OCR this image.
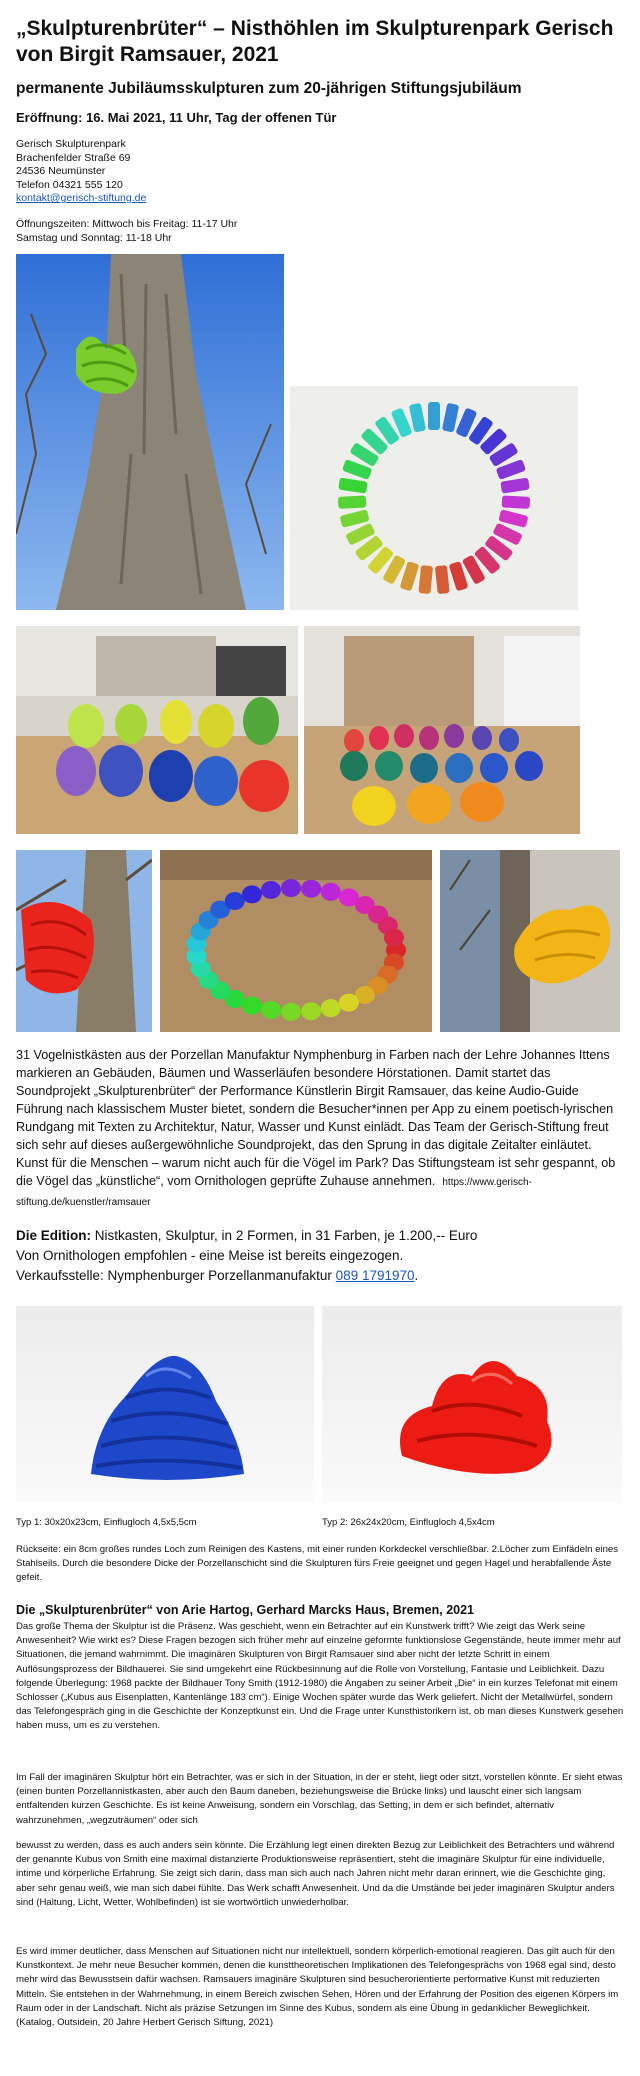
„Skulpturenbrüter“ – Nisthöhlen im Skulpturenpark Gerisch von Birgit Ramsauer, 2021
permanente Jubiläumsskulpturen zum 20-jährigen Stiftungsjubiläum
Eröffnung: 16. Mai 2021, 11 Uhr, Tag der offenen Tür
Gerisch Skulpturenpark
Brachenfelder Straße 69
24536 Neumünster
Telefon 04321 555 120
kontakt@gerisch-stiftung.de
Öffnungszeiten: Mittwoch bis Freitag: 11-17 Uhr
Samstag und Sonntag: 11-18 Uhr
31 Vogelnistkästen aus der Porzellan Manufaktur Nymphenburg in Farben nach der Lehre Johannes Ittens markieren an Gebäuden, Bäumen und Wasserläufen besondere Hörstationen. Damit startet das Soundprojekt „Skulpturenbrüter“ der Performance Künstlerin Birgit Ramsauer, das keine Audio-Guide Führung nach klassischem Muster bietet, sondern die Besucher*innen per App zu einem poetisch-lyrischen Rundgang mit Texten zu Architektur, Natur, Wasser und Kunst einlädt. Das Team der Gerisch-Stiftung freut sich sehr auf dieses außergewöhnliche Soundprojekt, das den Sprung in das digitale Zeitalter einläutet. Kunst für die Menschen – warum nicht auch für die Vögel im Park? Das Stiftungsteam ist sehr gespannt, ob die Vögel das „künstliche“, vom Ornithologen geprüfte Zuhause annehmen. https://www.gerisch-stiftung.de/kuenstler/ramsauer
Die Edition: Nistkasten, Skulptur, in 2 Formen, in 31 Farben, je 1.200,-- Euro
Von Ornithologen empfohlen - eine Meise ist bereits eingezogen.
Verkaufsstelle: Nymphenburger Porzellanmanufaktur 089 1791970.
Typ 1: 30x20x23cm, Einflugloch 4,5x5,5cm	Typ 2: 26x24x20cm, Einflugloch 4,5x4cm
Rückseite: ein 8cm großes rundes Loch zum Reinigen des Kastens, mit einer runden Korkdeckel verschließbar. 2.Löcher zum Einfädeln eines Stahlseils. Durch die besondere Dicke der Porzellanschicht sind die Skulpturen fürs Freie geeignet und gegen Hagel und herabfallende Äste gefeit.
Die „Skulpturenbrüter“ von Arie Hartog, Gerhard Marcks Haus, Bremen, 2021
Das große Thema der Skulptur ist die Präsenz. Was geschieht, wenn ein Betrachter auf ein Kunstwerk trifft? Wie zeigt das Werk seine Anwesenheit? Wie wirkt es? Diese Fragen bezogen sich früher mehr auf einzelne geformte funktionslose Gegenstände, heute immer mehr auf Situationen, die jemand wahrnimmt. Die imaginären Skulpturen von Birgit Ramsauer sind aber nicht der letzte Schritt in einem Auflösungsprozess der Bildhauerei. Sie sind umgekehrt eine Rückbesinnung auf die Rolle von Vorstellung, Fantasie und Leiblichkeit. Dazu folgende Überlegung: 1968 packte der Bildhauer Tony Smith (1912-1980) die Angaben zu seiner Arbeit „Die“ in ein kurzes Telefonat mit einem Schlosser („Kubus aus Eisenplatten, Kantenlänge 183 cm“). Einige Wochen später wurde das Werk geliefert. Nicht der Metallwürfel, sondern das Telefongespräch ging in die Geschichte der Konzeptkunst ein. Und die Frage unter Kunsthistorikern ist, ob man dieses Kunstwerk gesehen haben muss, um es zu verstehen.
Im Fall der imaginären Skulptur hört ein Betrachter, was er sich in der Situation, in der er steht, liegt oder sitzt, vorstellen könnte. Er sieht etwas (einen bunten Porzellannistkasten, aber auch den Baum daneben, beziehungsweise die Brücke links) und lauscht einer sich langsam entfaltenden kurzen Geschichte. Es ist keine Anweisung, sondern ein Vorschlag, das Setting, in dem er sich befindet, alternativ wahrzunehmen, „wegzuträumen“ oder sich
bewusst zu werden, dass es auch anders sein könnte. Die Erzählung legt einen direkten Bezug zur Leiblichkeit des Betrachters und während der genannte Kubus von Smith eine maximal distanzierte Produktionsweise repräsentiert, steht die imaginäre Skulptur für eine individuelle, intime und körperliche Erfahrung. Sie zeigt sich darin, dass man sich auch nach Jahren nicht mehr daran erinnert, wie die Geschichte ging, aber sehr genau weiß, wie man sich dabei fühlte. Das Werk schafft Anwesenheit. Und da die Umstände bei jeder imaginären Skulptur anders sind (Haltung, Licht, Wetter, Wohlbefinden) ist sie wortwörtlich unwiederholbar.
Es wird immer deutlicher, dass Menschen auf Situationen nicht nur intellektuell, sondern körperlich-emotional reagieren. Das gilt auch für den Kunstkontext. Je mehr neue Besucher kommen, denen die kunsttheoretischen Implikationen des Telefongesprächs von 1968 egal sind, desto mehr wird das Bewusstsein dafür wachsen. Ramsauers imaginäre Skulpturen sind besucherorientierte performative Kunst mit reduzierten Mitteln. Sie entstehen in der Wahrnehmung, in einem Bereich zwischen Sehen, Hören und der Erfahrung der Position des eigenen Körpers im Raum oder in der Landschaft. Nicht als präzise Setzungen im Sinne des Kubus, sondern als eine Übung in gedanklicher Beweglichkeit. (Katalog, Outsidein, 20 Jahre Herbert Gerisch Siftung, 2021)
